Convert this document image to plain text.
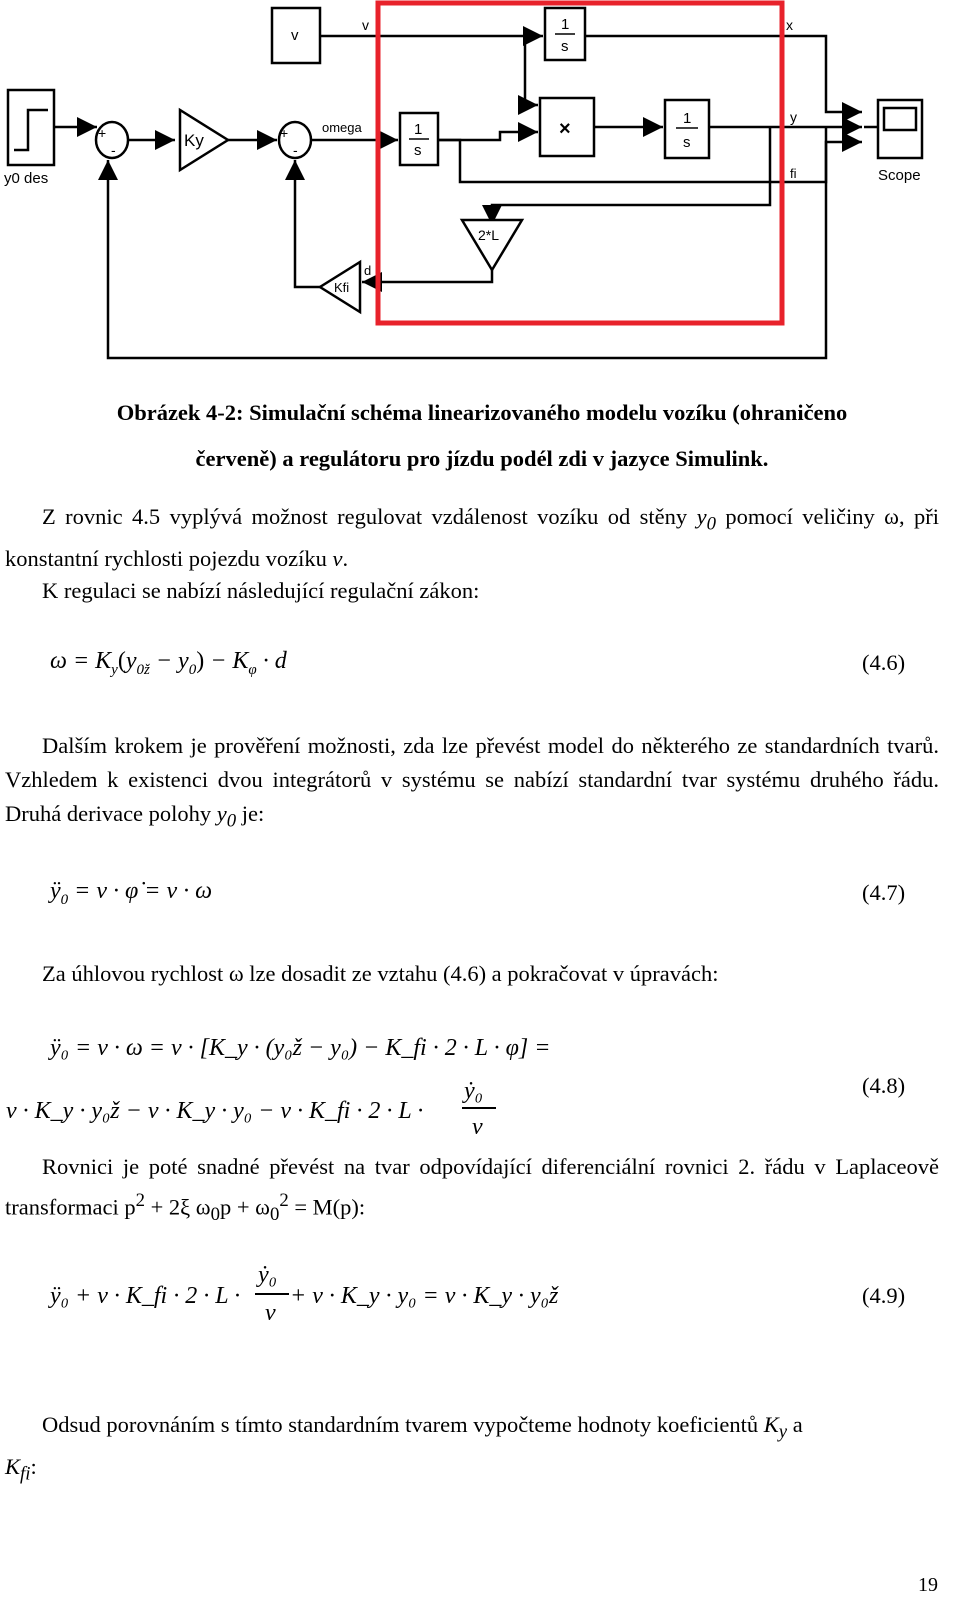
y0 des
v
+
-	Ky	+
-
omega	1
s
1
s
1
s
×
v	x
y
fi	Scope
2*L
Kfi
d
Obrázek 4-2: Simulační schéma linearizovaného modelu vozíku (ohraničeno
červeně) a regulátoru pro jízdu podél zdi v jazyce Simulink.
Z rovnic 4.5 vyplývá možnost regulovat vzdálenost vozíku od stěny $y_0$ pomocí veličiny ω, při konstantní rychlosti pojezdu vozíku v.
K regulaci se nabízí následující regulační zákon:
$\omega = K_y(y_{0ž} - y_0) - K_\varphi \cdot d$	(4.6)
Dalším krokem je prověření možnosti, zda lze převést model do některého ze standardních tvarů. Vzhledem k existenci dvou integrátorů v systému se nabízí standardní tvar systému druhého řádu. Druhá derivace polohy $y_0$ je:
$ÿ_0 = v$ · φ̇ = v · ω	(4.7)
Za úhlovou rychlost ω lze dosadit ze vztahu (4.6) a pokračovat v úpravách:
ÿ₀ = v · ω = v · [K_y · (y₀ž − y₀) − K_fi · 2 · L · φ] =
v · K_y · y₀ž − v · K_y · y₀ − v · K_fi · 2 · L ·
ẏ₀
v
(4.8)
Rovnici je poté snadné převést na tvar odpovídající diferenciální rovnici 2. řádu v Laplaceově transformaci $p^2 + 2\xi$ $\omega_0p + \omega_0^2 = M(p)$:
ÿ₀ + v · K_fi · 2 · L ·
ẏ₀
v
+ v · K_y · y₀ = v · K_y · y₀ž	(4.9)
Odsud porovnáním s tímto standardním tvarem vypočteme hodnoty koeficientů $K_y$ a
$K_{fi}$:
19
